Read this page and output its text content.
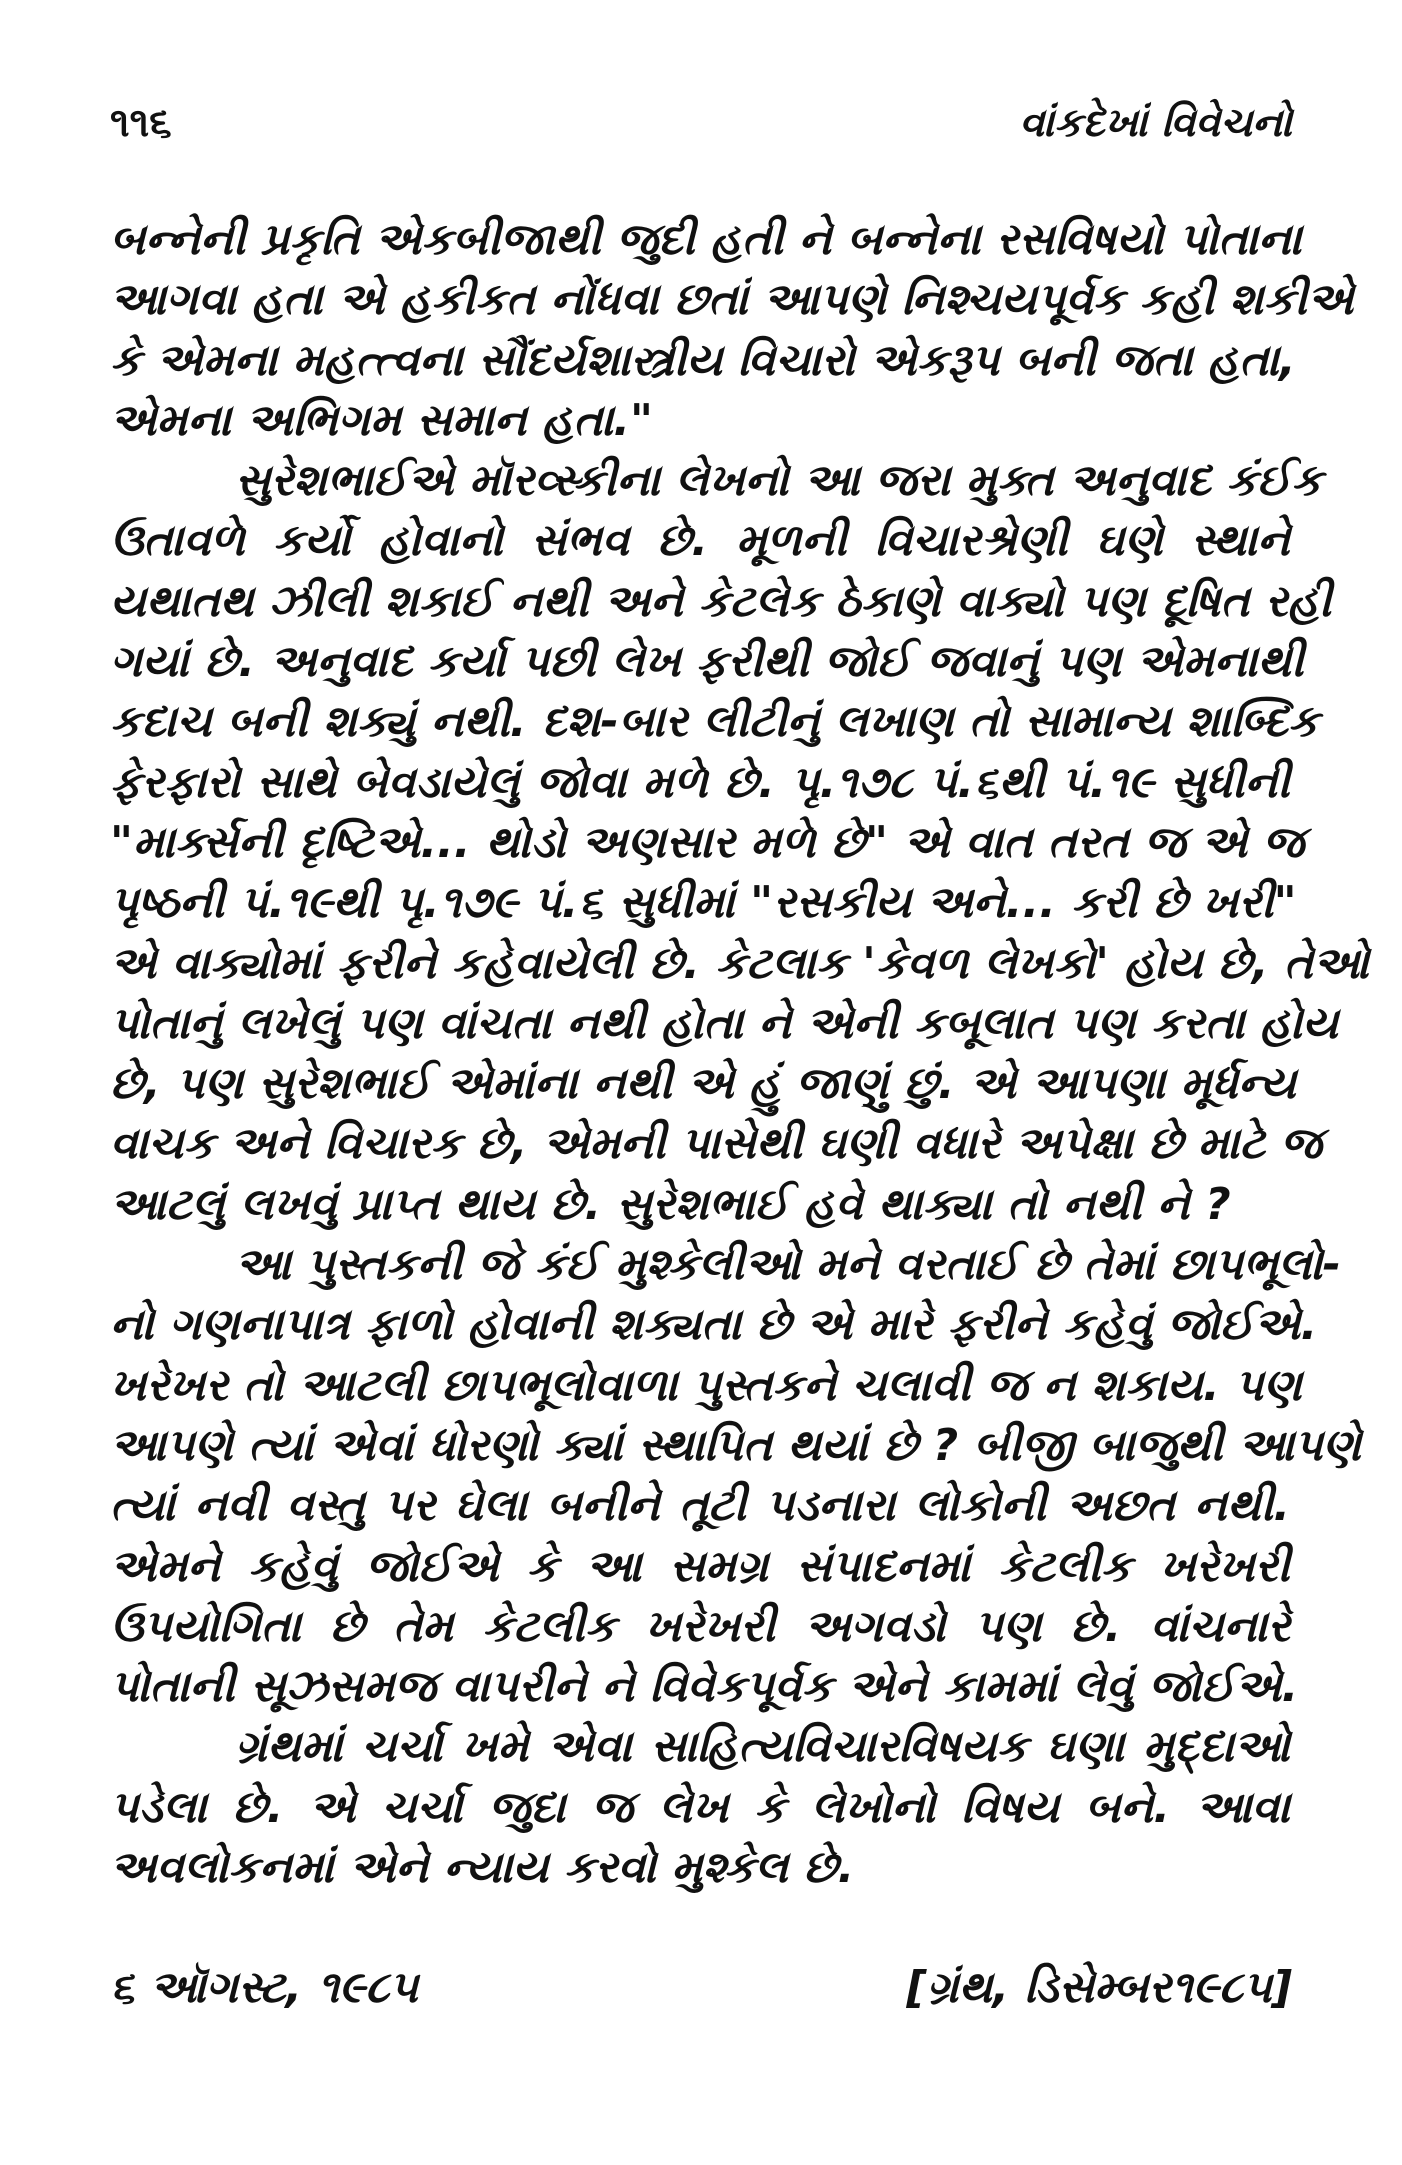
૧૧૬	વાંકદેખાં વિવેચનો
બન્નેની પ્રકૃતિ એકબીજાથી જુદી હતી ને બન્નેના રસવિષયો પોતાના
આગવા હતા એ હકીકત નોંધવા છતાં આપણે નિશ્ચયપૂર્વક કહી શકીએ
કે એમના મહત્ત્વના સૌંદર્યશાસ્ત્રીય વિચારો એકરૂપ બની જતા હતા,
એમના અભિગમ સમાન હતા."
સુરેશભાઈએ મૉરવ્સ્કીના લેખનો આ જરા મુક્ત અનુવાદ કંઈક
ઉતાવળે કર્યો હોવાનો સંભવ છે. મૂળની વિચારશ્રેણી ઘણે સ્થાને
યથાતથ ઝીલી શકાઈ નથી અને કેટલેક ઠેકાણે વાક્યો પણ દૂષિત રહી
ગયાં છે. અનુવાદ કર્યા પછી લેખ ફરીથી જોઈ જવાનું પણ એમનાથી
કદાચ બની શક્યું નથી. દશ-બાર લીટીનું લખાણ તો સામાન્ય શાબ્દિક
ફેરફારો સાથે બેવડાયેલું જોવા મળે છે. પૃ.૧૭૮ પં.૬થી પં.૧૯ સુધીની
"માર્ક્સની દૃષ્ટિએ... થોડો અણસાર મળે છે" એ વાત તરત જ એ જ
પૃષ્ઠની પં.૧૯થી પૃ.૧૭૯ પં.૬ સુધીમાં "રસકીય અને... કરી છે ખરી"
એ વાક્યોમાં ફરીને કહેવાયેલી છે. કેટલાક 'કેવળ લેખકો' હોય છે, તેઓ
પોતાનું લખેલું પણ વાંચતા નથી હોતા ને એની કબૂલાત પણ કરતા હોય
છે, પણ સુરેશભાઈ એમાંના નથી એ હું જાણું છું. એ આપણા મૂર્ધન્ય
વાચક અને વિચારક છે, એમની પાસેથી ઘણી વધારે અપેક્ષા છે માટે જ
આટલું લખવું પ્રાપ્ત થાય છે. સુરેશભાઈ હવે થાક્યા તો નથી ને ?
આ પુસ્તકની જે કંઈ મુશ્કેલીઓ મને વરતાઈ છે તેમાં છાપભૂલો-
નો ગણનાપાત્ર ફાળો હોવાની શક્યતા છે એ મારે ફરીને કહેવું જોઈએ.
ખરેખર તો આટલી છાપભૂલોવાળા પુસ્તકને ચલાવી જ ન શકાય. પણ
આપણે ત્યાં એવાં ધોરણો ક્યાં સ્થાપિત થયાં છે ? બીજી બાજુથી આપણે
ત્યાં નવી વસ્તુ પર ઘેલા બનીને તૂટી પડનારા લોકોની અછત નથી.
એમને કહેવું જોઈએ કે આ સમગ્ર સંપાદનમાં કેટલીક ખરેખરી
ઉપયોગિતા છે તેમ કેટલીક ખરેખરી અગવડો પણ છે. વાંચનારે
પોતાની સૂઝસમજ વાપરીને ને વિવેકપૂર્વક એને કામમાં લેવું જોઈએ.
ગ્રંથમાં ચર્ચા ખમે એવા સાહિત્યવિચારવિષયક ઘણા મુદ્દાઓ
પડેલા છે. એ ચર્ચા જુદા જ લેખ કે લેખોનો વિષય બને. આવા
અવલોકનમાં એને ન્યાય કરવો મુશ્કેલ છે.
૬ ઑગસ્ટ, ૧૯૮૫	[ગ્રંથ, ડિસેમ્બર૧૯૮૫]
